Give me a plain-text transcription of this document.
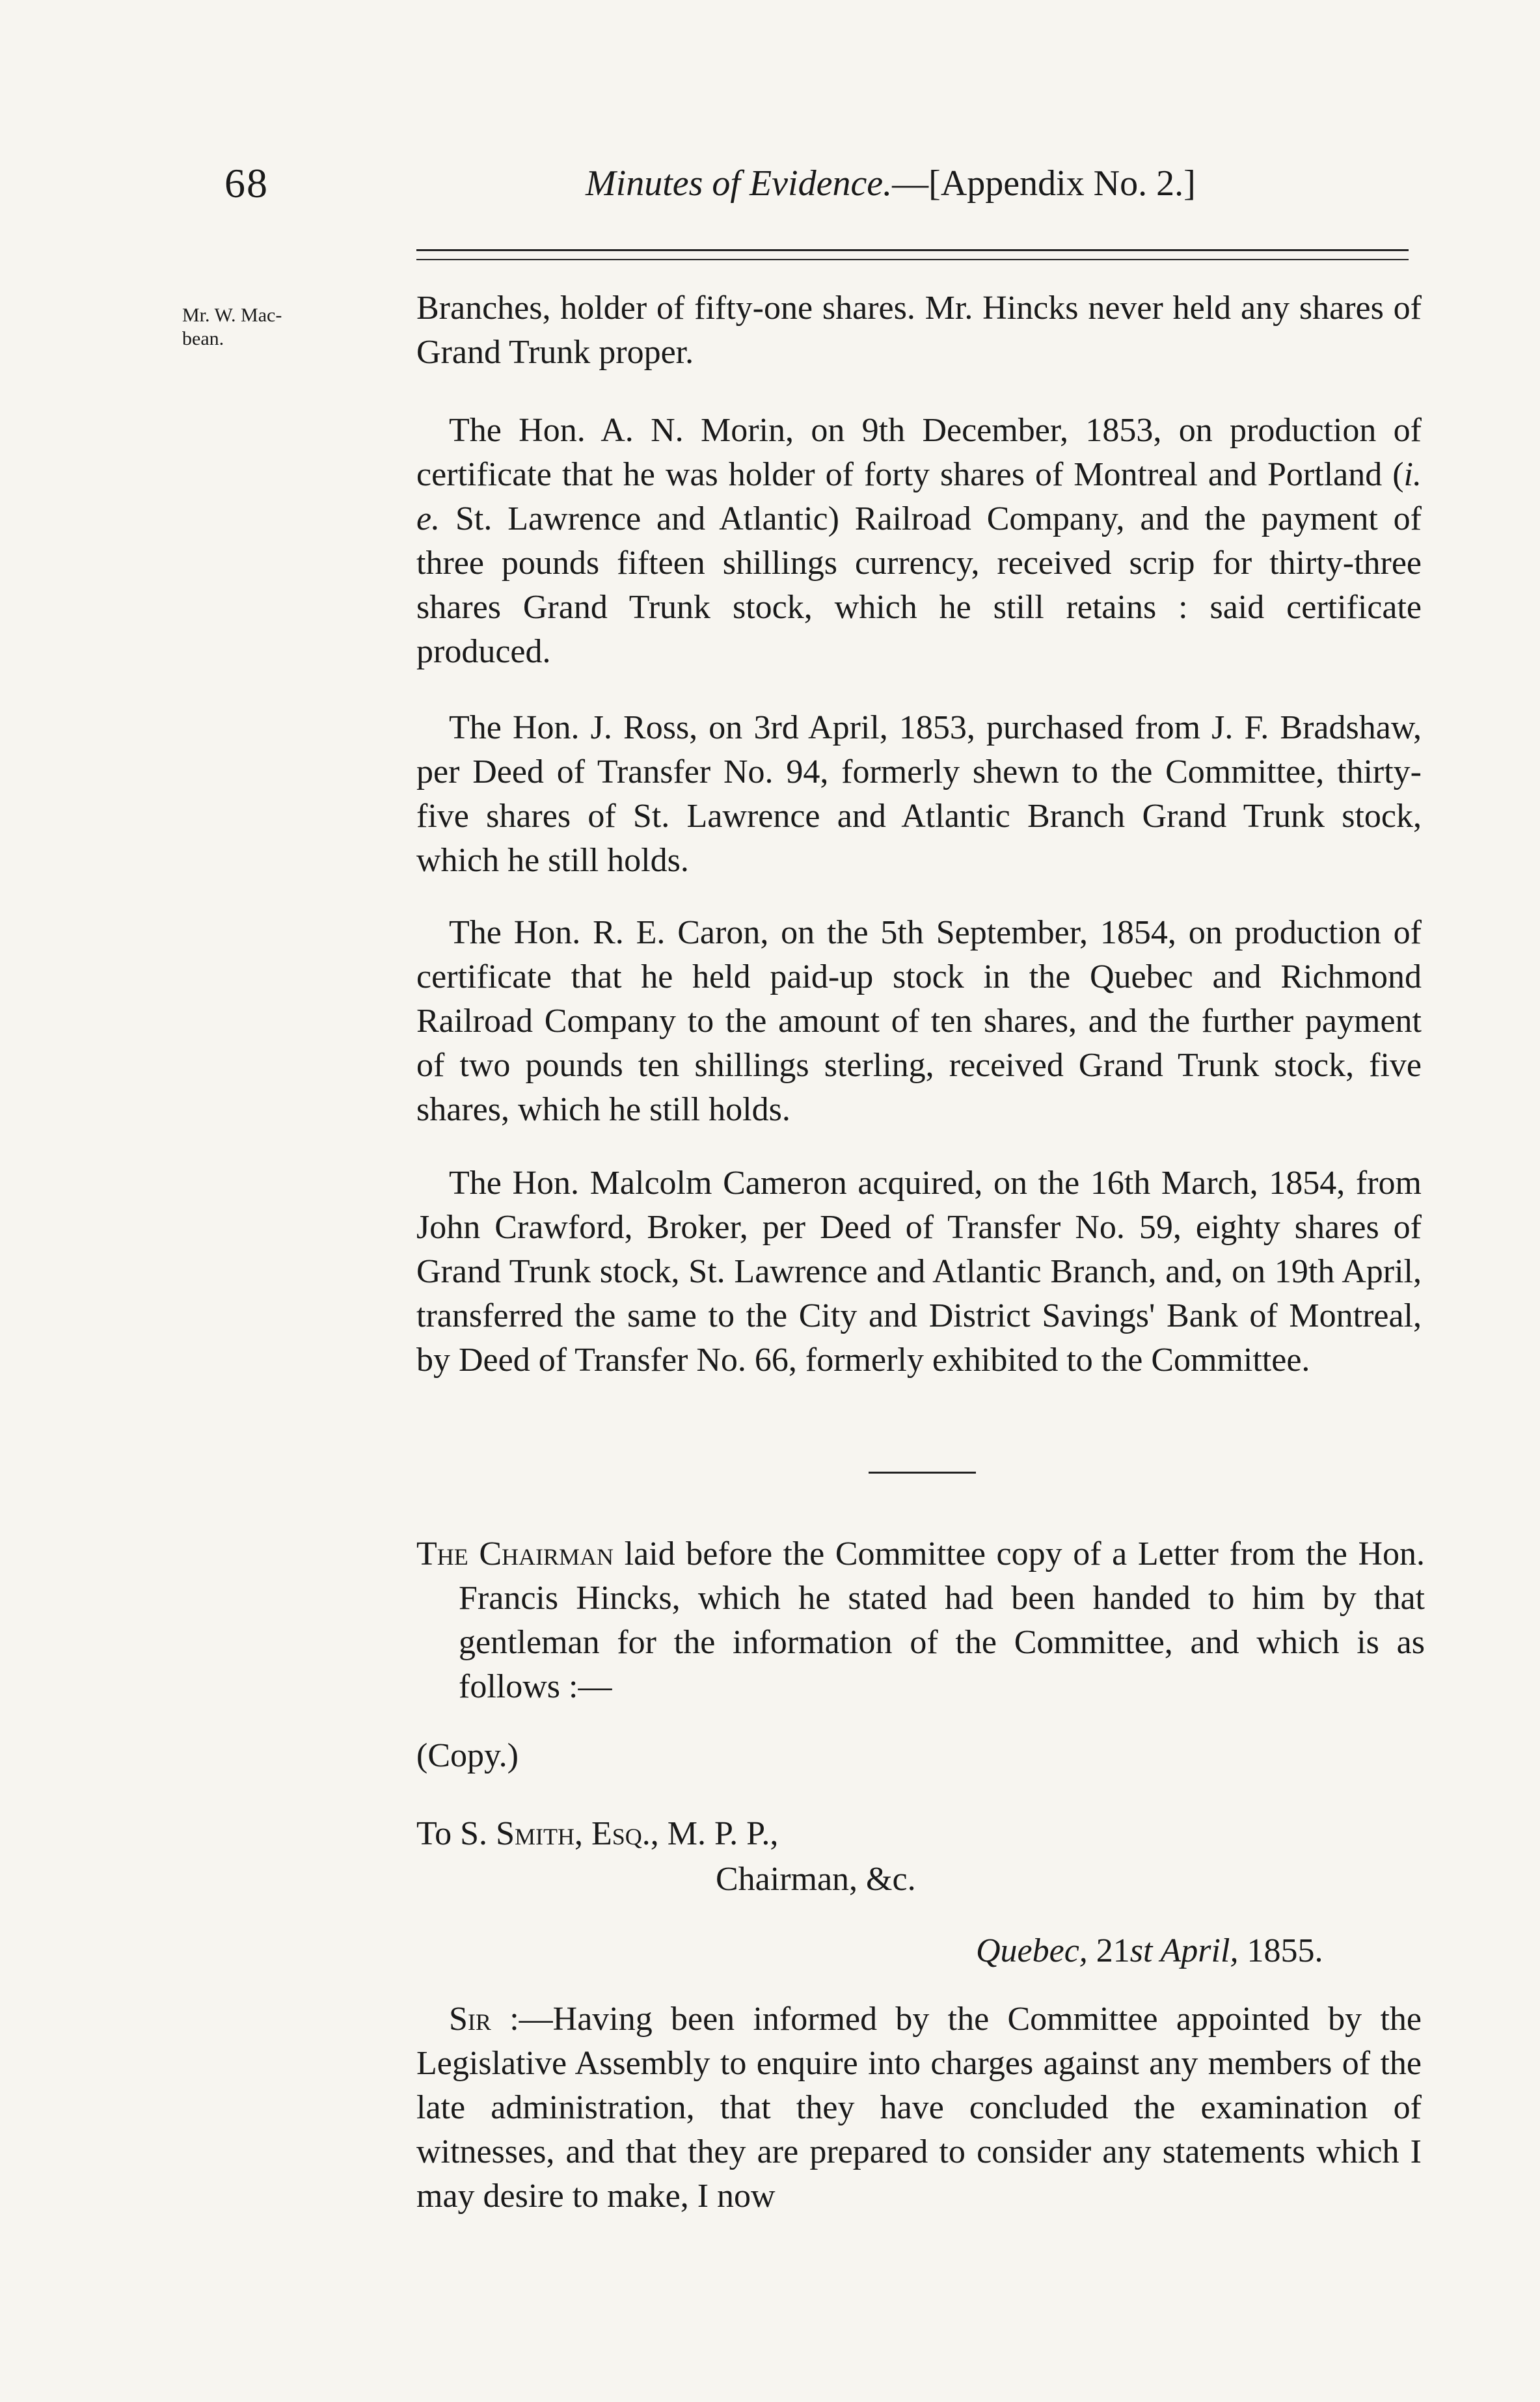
68	Minutes of Evidence.—[Appendix No. 2.]
Mr. W. Mac-
bean.

Branches, holder of fifty-one shares. Mr. Hincks never held any shares of Grand Trunk proper.

The Hon. A. N. Morin, on 9th December, 1853, on production of certificate that he was holder of forty shares of Montreal and Portland (i. e. St. Lawrence and Atlantic) Railroad Company, and the payment of three pounds fifteen shillings currency, received scrip for thirty-three shares Grand Trunk stock, which he still retains : said certificate produced.

The Hon. J. Ross, on 3rd April, 1853, purchased from J. F. Bradshaw, per Deed of Transfer No. 94, formerly shewn to the Committee, thirty-five shares of St. Lawrence and Atlantic Branch Grand Trunk stock, which he still holds.

The Hon. R. E. Caron, on the 5th September, 1854, on production of certificate that he held paid-up stock in the Quebec and Richmond Railroad Company to the amount of ten shares, and the further payment of two pounds ten shillings sterling, received Grand Trunk stock, five shares, which he still holds.

The Hon. Malcolm Cameron acquired, on the 16th March, 1854, from John Crawford, Broker, per Deed of Transfer No. 59, eighty shares of Grand Trunk stock, St. Lawrence and Atlantic Branch, and, on 19th April, transferred the same to the City and District Savings' Bank of Montreal, by Deed of Transfer No. 66, formerly exhibited to the Committee.

The Chairman laid before the Committee copy of a Letter from the Hon. Francis Hincks, which he stated had been handed to him by that gentleman for the information of the Committee, and which is as follows :—

(Copy.)
To S. Smith, Esq., M. P. P.,
Chairman, &c.
Quebec, 21st April, 1855.

Sir :—Having been informed by the Committee appointed by the Legislative Assembly to enquire into charges against any members of the late administration, that they have concluded the examination of witnesses, and that they are prepared to consider any statements which I may desire to make, I now
